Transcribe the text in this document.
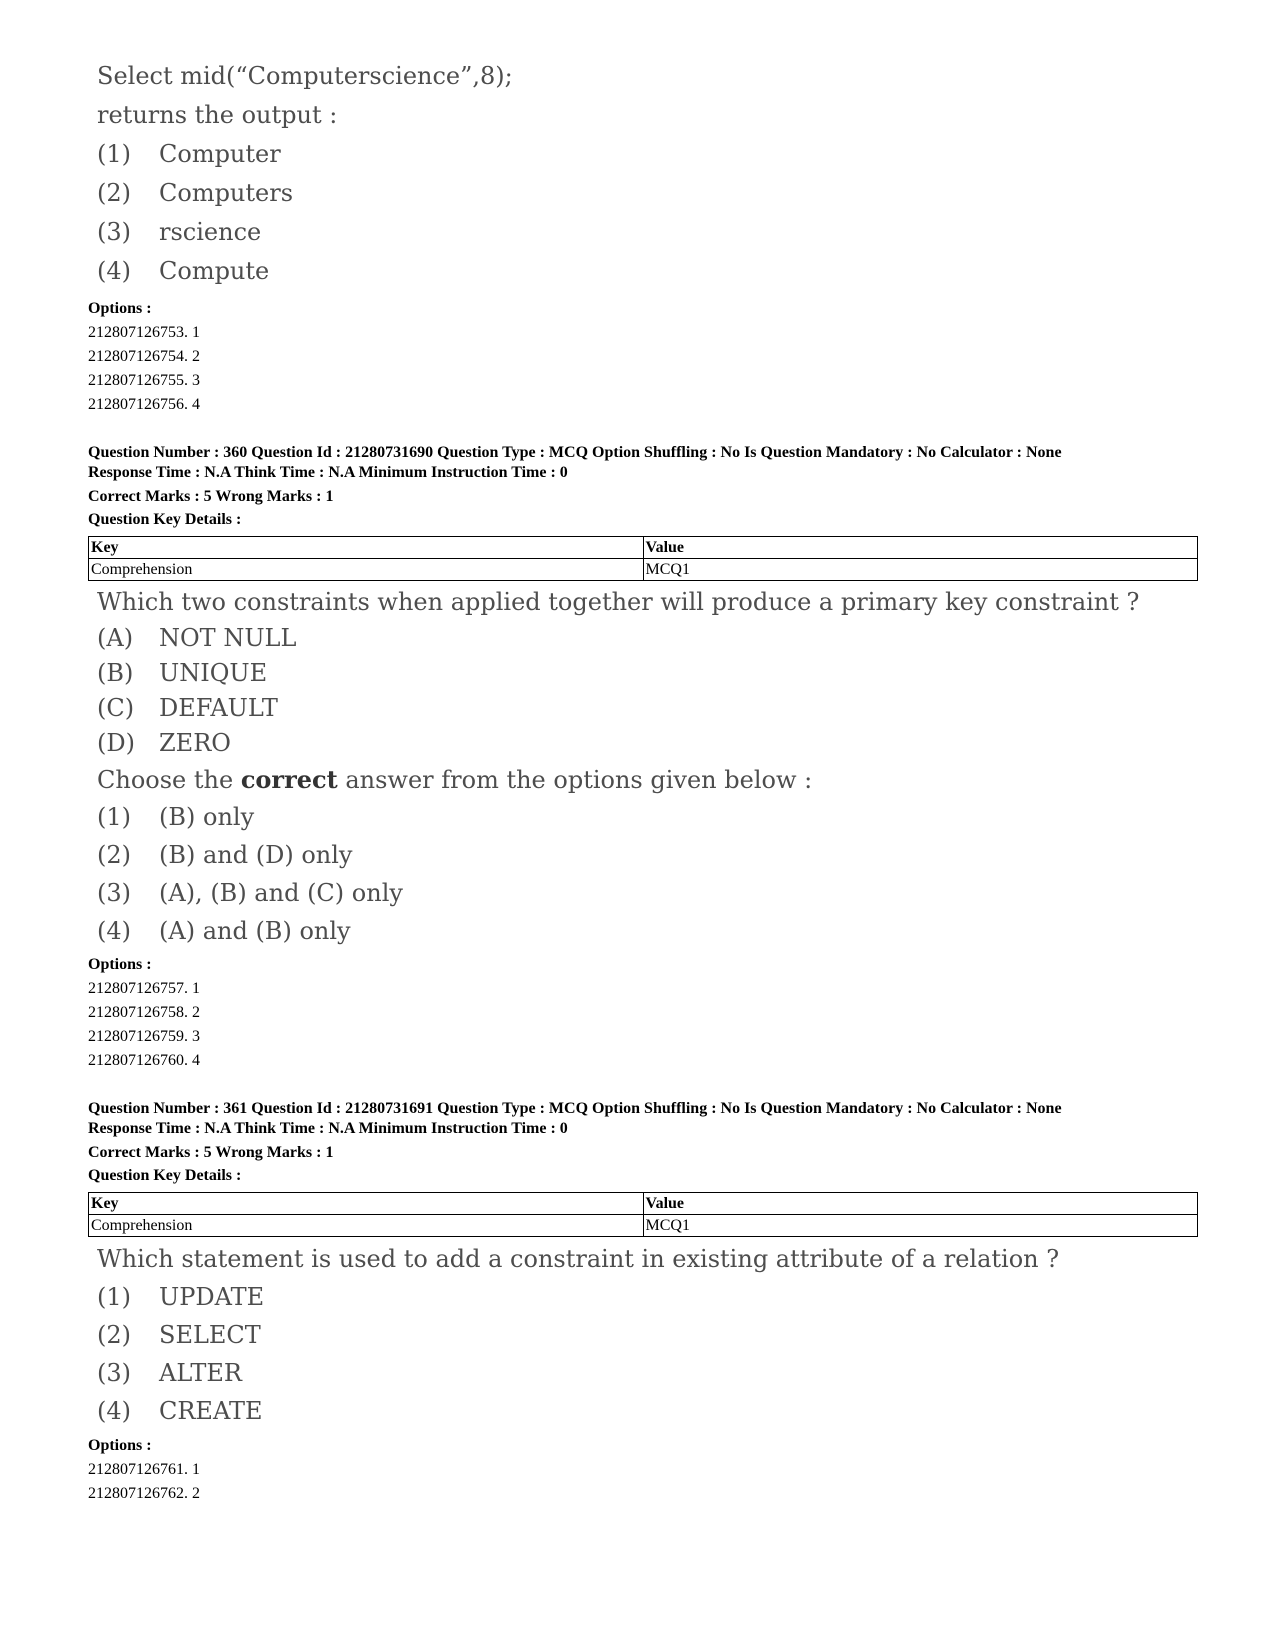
Select mid(“Computerscience”,8);
returns the output :
(1) Computer
(2) Computers
(3) rscience
(4) Compute
Options :
212807126753. 1
212807126754. 2
212807126755. 3
212807126756. 4
Question Number : 360 Question Id : 21280731690 Question Type : MCQ Option Shuffling : No Is Question Mandatory : No Calculator : None
Response Time : N.A Think Time : N.A Minimum Instruction Time : 0
Correct Marks : 5 Wrong Marks : 1
Question Key Details :
Key	Value
Comprehension	MCQ1
Which two constraints when applied together will produce a primary key constraint ?
(A) NOT NULL
(B) UNIQUE
(C) DEFAULT
(D) ZERO
Choose the correct answer from the options given below :
(1) (B) only
(2) (B) and (D) only
(3) (A), (B) and (C) only
(4) (A) and (B) only
Options :
212807126757. 1
212807126758. 2
212807126759. 3
212807126760. 4
Question Number : 361 Question Id : 21280731691 Question Type : MCQ Option Shuffling : No Is Question Mandatory : No Calculator : None
Response Time : N.A Think Time : N.A Minimum Instruction Time : 0
Correct Marks : 5 Wrong Marks : 1
Question Key Details :
Key	Value
Comprehension	MCQ1
Which statement is used to add a constraint in existing attribute of a relation ?
(1) UPDATE
(2) SELECT
(3) ALTER
(4) CREATE
Options :
212807126761. 1
212807126762. 2
